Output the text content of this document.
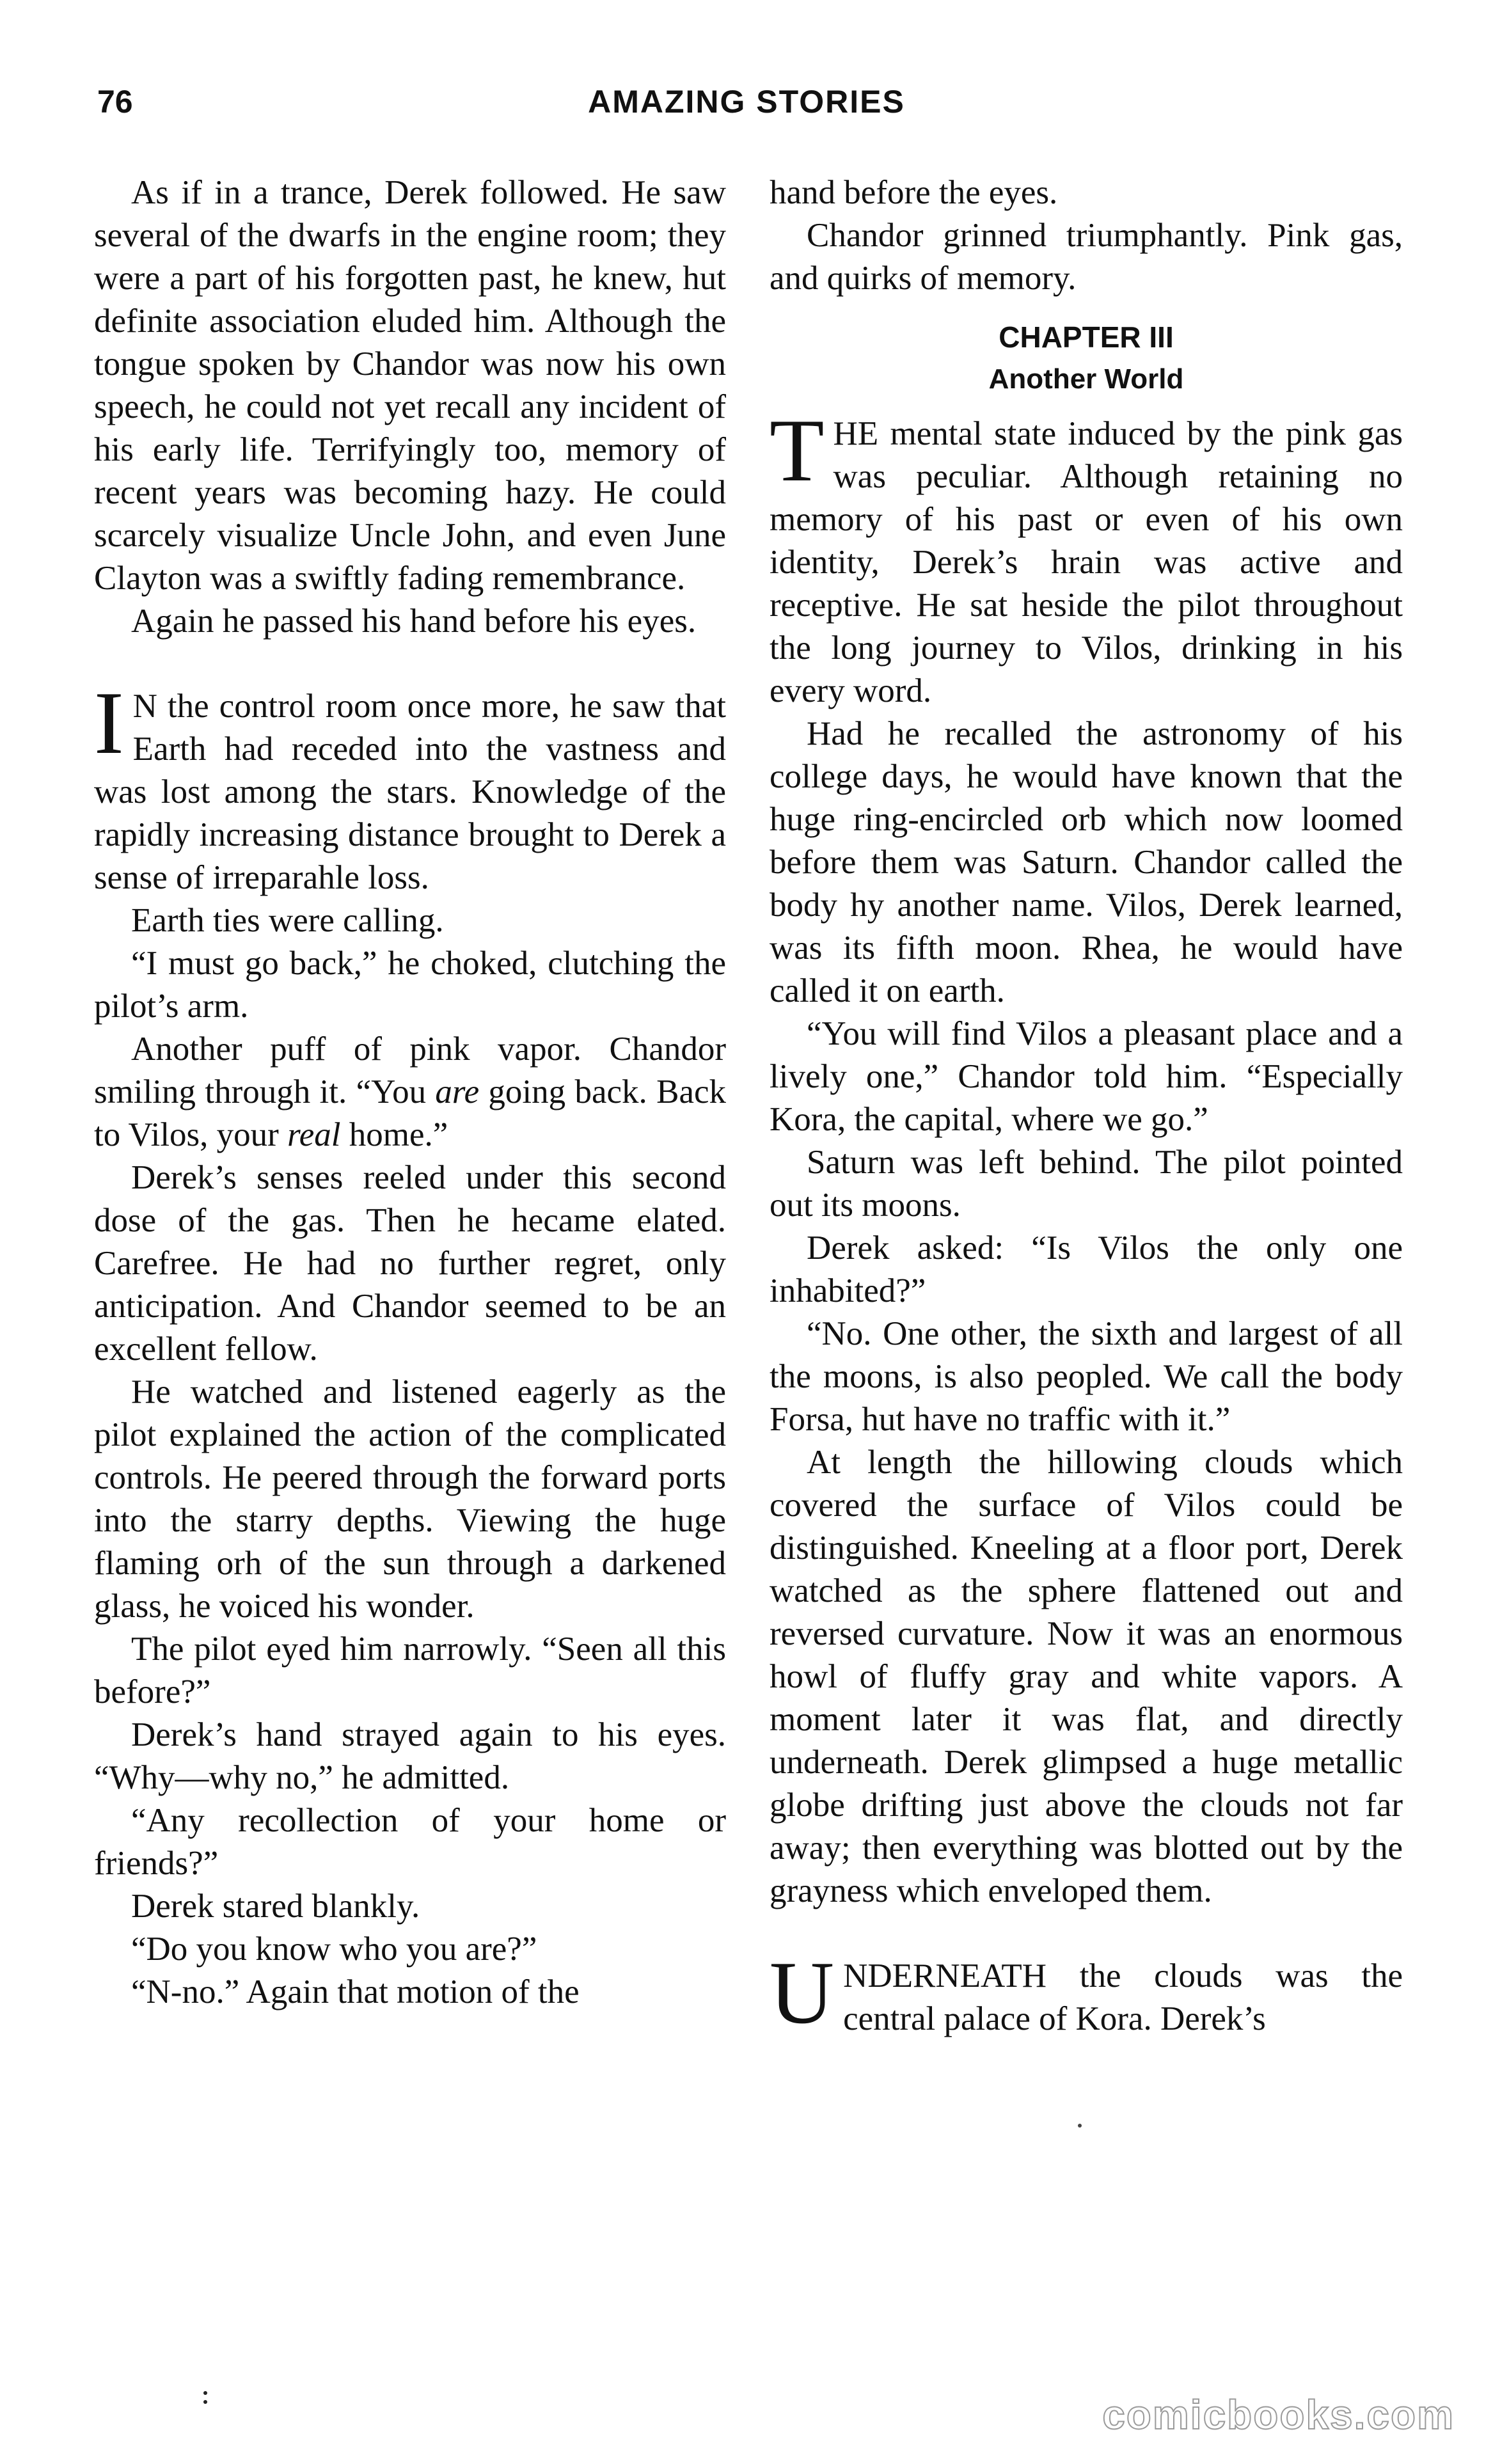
76	AMAZING STORIES

As if in a trance, Derek followed. He saw several of the dwarfs in the engine room; they were a part of his forgotten past, he knew, hut definite association eluded him. Although the tongue spoken by Chandor was now his own speech, he could not yet recall any incident of his early life. Terrifyingly too, memory of recent years was becoming hazy. He could scarcely visualize Uncle John, and even June Clayton was a swiftly fading remembrance.

Again he passed his hand before his eyes.

I N the control room once more, he saw that Earth had receded into the vastness and was lost among the stars. Knowledge of the rapidly increasing distance brought to Derek a sense of irreparahle loss.

Earth ties were calling.

“I must go back,” he choked, clutching the pilot’s arm.

Another puff of pink vapor. Chandor smiling through it. “You are going back. Back to Vilos, your real home.”

Derek’s senses reeled under this second dose of the gas. Then he hecame elated. Carefree. He had no further regret, only anticipation. And Chandor seemed to be an excellent fellow.

He watched and listened eagerly as the pilot explained the action of the complicated controls. He peered through the forward ports into the starry depths. Viewing the huge flaming orh of the sun through a darkened glass, he voiced his wonder.

The pilot eyed him narrowly. “Seen all this before?”

Derek’s hand strayed again to his eyes. “Why—why no,” he admitted.

“Any recollection of your home or friends?”

Derek stared blankly.

“Do you know who you are?”

“N-no.” Again that motion of the

hand before the eyes.

Chandor grinned triumphantly. Pink gas, and quirks of memory.

CHAPTER III
Another World

THE mental state induced by the pink gas was peculiar. Although retaining no memory of his past or even of his own identity, Derek’s hrain was active and receptive. He sat heside the pilot throughout the long journey to Vilos, drinking in his every word.

Had he recalled the astronomy of his college days, he would have known that the huge ring-encircled orb which now loomed before them was Saturn. Chandor called the body hy another name. Vilos, Derek learned, was its fifth moon. Rhea, he would have called it on earth.

“You will find Vilos a pleasant place and a lively one,” Chandor told him. “Especially Kora, the capital, where we go.”

Saturn was left behind. The pilot pointed out its moons.

Derek asked: “Is Vilos the only one inhabited?”

“No. One other, the sixth and largest of all the moons, is also peopled. We call the body Forsa, hut have no traffic with it.”

At length the hillowing clouds which covered the surface of Vilos could be distinguished. Kneeling at a floor port, Derek watched as the sphere flattened out and reversed curvature. Now it was an enormous howl of fluffy gray and white vapors. A moment later it was flat, and directly underneath. Derek glimpsed a huge metallic globe drifting just above the clouds not far away; then everything was blotted out by the grayness which enveloped them.

UNDERNEATH the clouds was the central palace of Kora. Derek’s

comicbooks.com
